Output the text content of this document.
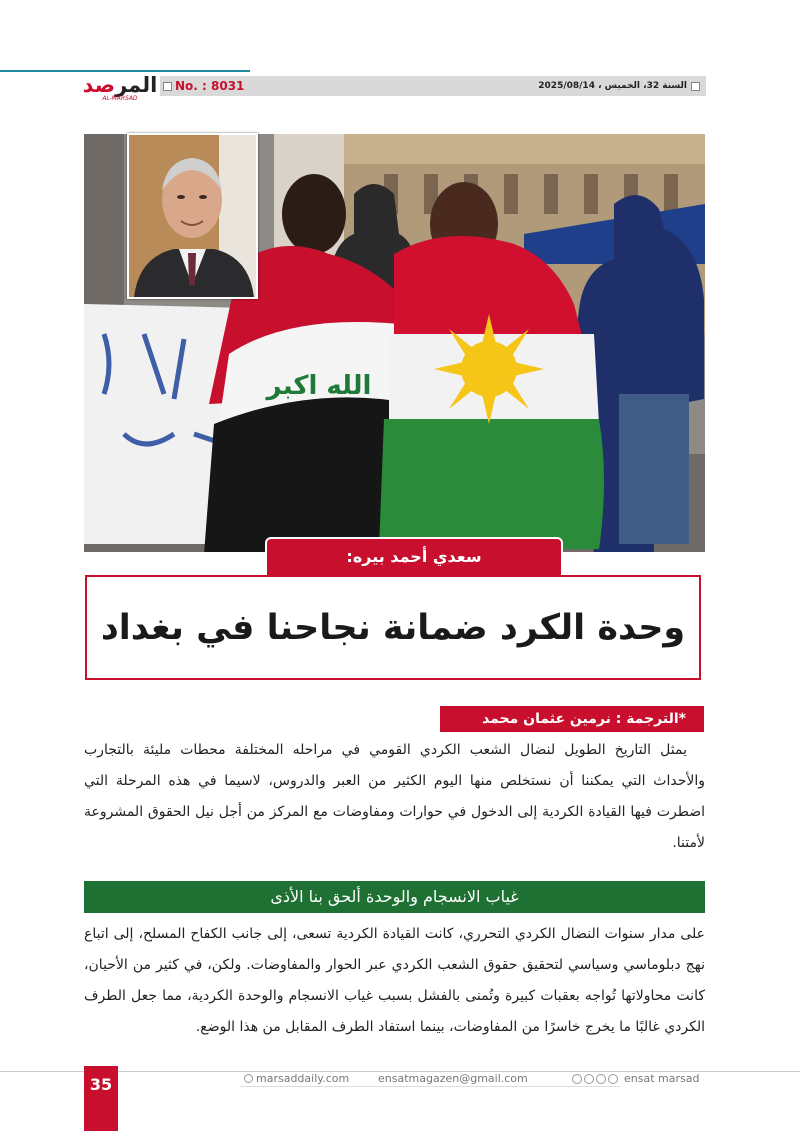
المرصد
AL-MARSAD
No. : 8031	السنة 32، الخميس ، 2025/08/14
الله اكبر
Saleh Al-Rahid
سعدي أحمد بيره:
وحدة الكرد ضمانة نجاحنا في بغداد
*الترجمة : نرمين عثمان محمد

يمثل التاريخ الطويل لنضال الشعب الكردي القومي في مراحله المختلفة محطات مليئة بالتجارب والأحداث التي يمكننا أن نستخلص منها اليوم الكثير من العبر والدروس، لاسيما في هذه المرحلة التي اضطرت فيها القيادة الكردية إلى الدخول في حوارات ومفاوضات مع المركز من أجل نيل الحقوق المشروعة لأمتنا.

غياب الانسجام والوحدة ألحق بنا الأذى

على مدار سنوات النضال الكردي التحرري، كانت القيادة الكردية تسعى، إلى جانب الكفاح المسلح، إلى اتباع نهج دبلوماسي وسياسي لتحقيق حقوق الشعب الكردي عبر الحوار والمفاوضات. ولكن، في كثير من الأحيان، كانت محاولاتها تُواجه بعقبات كبيرة وتُمنى بالفشل بسبب غياب الانسجام والوحدة الكردية، مما جعل الطرف الكردي غالبًا ما يخرج خاسرًا من المفاوضات، بينما استفاد الطرف المقابل من هذا الوضع.

35	marsaddaily.com	ensatmagazen@gmail.com	ensat marsad
